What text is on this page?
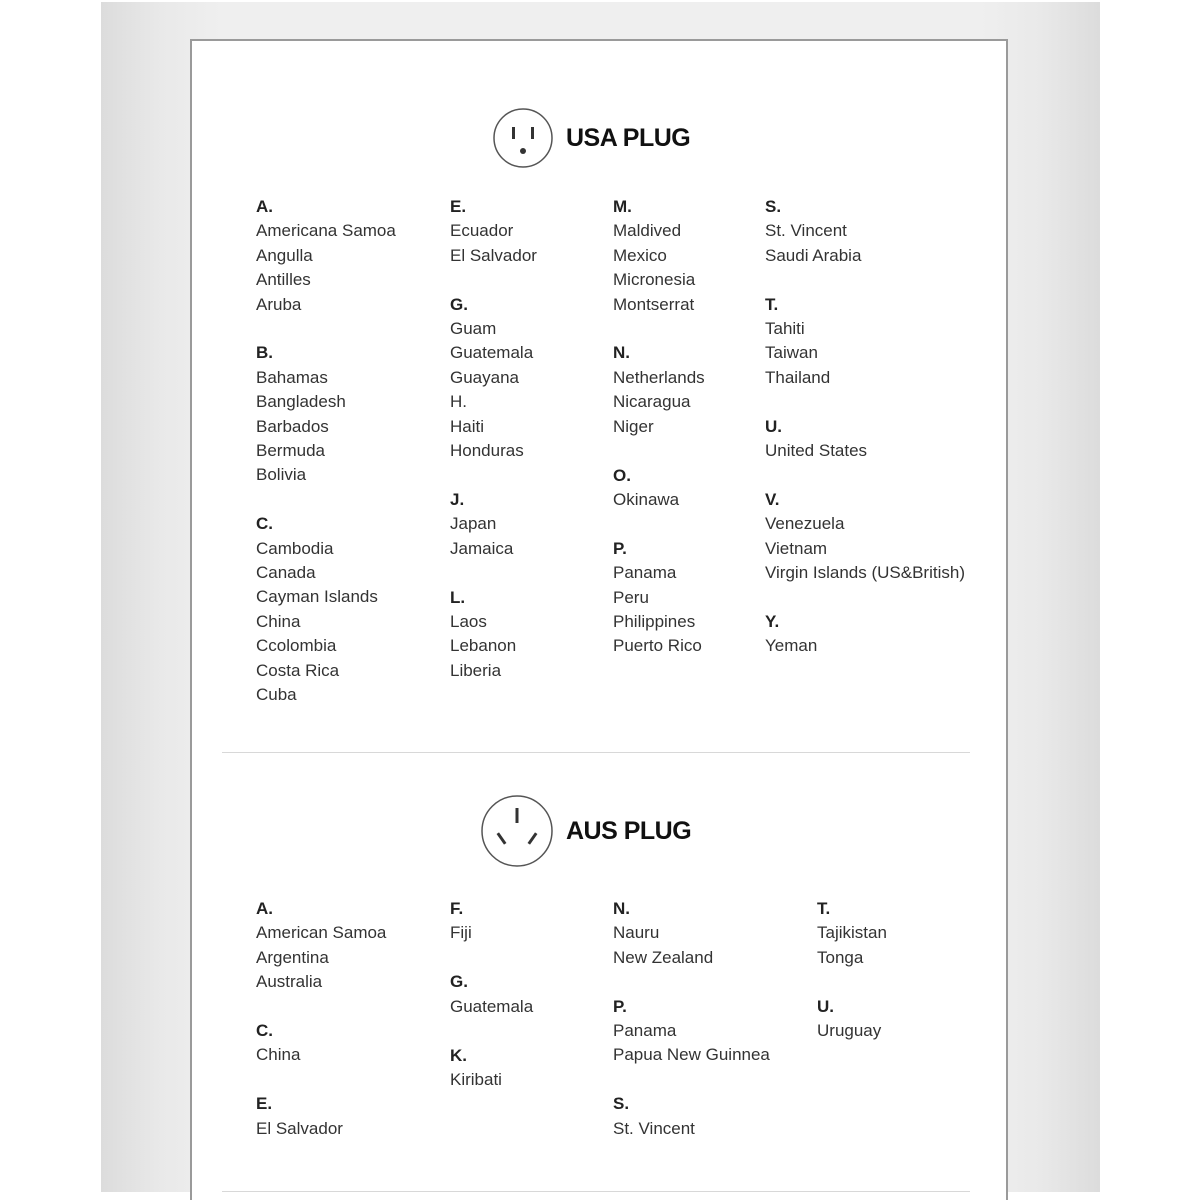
USA PLUG
A.
Americana Samoa
Angulla
Antilles
Aruba
B.
Bahamas
Bangladesh
Barbados
Bermuda
Bolivia
C.
Cambodia
Canada
Cayman Islands
China
Ccolombia
Costa Rica
Cuba
E.
Ecuador
El Salvador
G.
Guam
Guatemala
Guayana
H.
Haiti
Honduras
J.
Japan
Jamaica
L.
Laos
Lebanon
Liberia
M.
Maldived
Mexico
Micronesia
Montserrat
N.
Netherlands
Nicaragua
Niger
O.
Okinawa
P.
Panama
Peru
Philippines
Puerto Rico
S.
St. Vincent
Saudi Arabia
T.
Tahiti
Taiwan
Thailand
U.
United States
V.
Venezuela
Vietnam
Virgin Islands (US&British)
Y.
Yeman
AUS PLUG
A.
American Samoa
Argentina
Australia
C.
China
E.
El Salvador
F.
Fiji
G.
Guatemala
K.
Kiribati
N.
Nauru
New Zealand
P.
Panama
Papua New Guinnea
S.
St. Vincent
T.
Tajikistan
Tonga
U.
Uruguay
